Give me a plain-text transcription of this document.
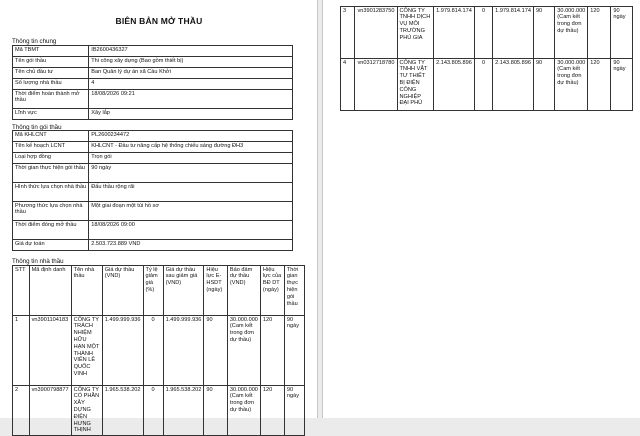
BIÊN BẢN MỞ THẦU
Thông tin chung
Mã TBMT	IB2600436327
Tên gói thầu	Thi công xây dựng (Bao gồm thiết bị)
Tên chủ đầu tư	Ban Quản lý dự án xã Cầu Khởi
Số lượng nhà thầu	4
Thời điểm hoàn thành mở thầu	18/08/2026 09:21
Lĩnh vực	Xây lắp
Thông tin gói thầu
Mã KHLCNT	PL2600234472
Tên kế hoạch LCNT	KHLCNT - Đầu tư nâng cấp hệ thống chiếu sáng đường ĐH3
Loại hợp đồng	Trọn gói
Thời gian thực hiện gói thầu	90 ngày
Hình thức lựa chọn nhà thầu	Đấu thầu rộng rãi
Phương thức lựa chọn nhà thầu	Một giai đoạn một túi hồ sơ
Thời điểm đóng mở thầu	18/08/2026 09:00
Giá dự toán	2.503.723.889 VND
Thông tin nhà thầu
STT	Mã định danh	Tên nhà thầu	Giá dự thầu (VND)	Tỷ lệ giảm giá (%)	Giá dự thầu sau giảm giá (VND)	Hiệu lực E-HSDT (ngày)	Bảo đảm dự thầu (VND)	Hiệu lực của BĐ DT (ngày)	Thời gian thực hiện gói thầu
1	vn3901104183	CÔNG TY TRÁCH NHIỆM HỮU HẠN MỘT THÀNH VIÊN LÊ QUỐC VINH	1.499.999.936	0	1.499.999.936	90	30.000.000 (Cam kết trong đơn dự thầu)	120	90 ngày
2	vn3900798877	CÔNG TY CỔ PHẦN XÂY DỰNG ĐIỆN HƯNG THỊNH	1.965.538.202	0	1.965.538.202	90	30.000.000 (Cam kết trong đơn dự thầu)	120	90 ngày
3	vn3901283750	CÔNG TY TNHH DỊCH VỤ MÔI TRƯỜNG PHÚ GIA	1.979.814.174	0	1.979.814.174	90	30.000.000 (Cam kết trong đơn dự thầu)	120	90 ngày
4	vn0312718780	CÔNG TY TNHH VẬT TƯ THIẾT BỊ ĐIỆN CÔNG NGHIỆP ĐẠI PHÚ	2.143.805.896	0	2.143.805.896	90	30.000.000 (Cam kết trong đơn dự thầu)	120	90 ngày
